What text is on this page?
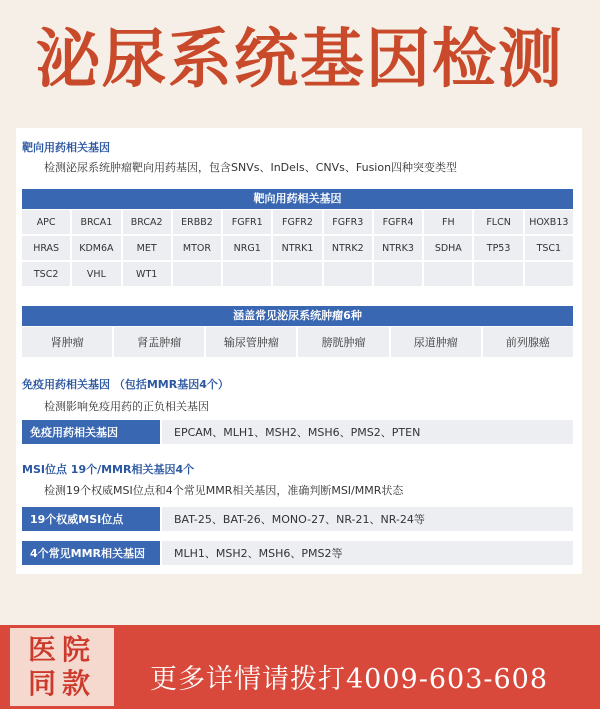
泌尿系统基因检测
靶向用药相关基因
检测泌尿系统肿瘤靶向用药基因，包含SNVs、InDels、CNVs、Fusion四种突变类型
靶向用药相关基因
APC	BRCA1	BRCA2	ERBB2	FGFR1	FGFR2	FGFR3	FGFR4	FH	FLCN	HOXB13
HRAS	KDM6A	MET	MTOR	NRG1	NTRK1	NTRK2	NTRK3	SDHA	TP53	TSC1
TSC2	VHL	WT1
涵盖常见泌尿系统肿瘤6种
肾肿瘤	肾盂肿瘤	输尿管肿瘤	膀胱肿瘤	尿道肿瘤	前列腺癌
免疫用药相关基因 （包括MMR基因4个）
检测影响免疫用药的正负相关基因
免疫用药相关基因	EPCAM、MLH1、MSH2、MSH6、PMS2、PTEN
MSI位点 19个/MMR相关基因4个
检测19个权威MSI位点和4个常见MMR相关基因，准确判断MSI/MMR状态
19个权威MSI位点	BAT-25、BAT-26、MONO-27、NR-21、NR-24等
4个常见MMR相关基因	MLH1、MSH2、MSH6、PMS2等
医院
同款	更多详情请拨打4009-603-608
